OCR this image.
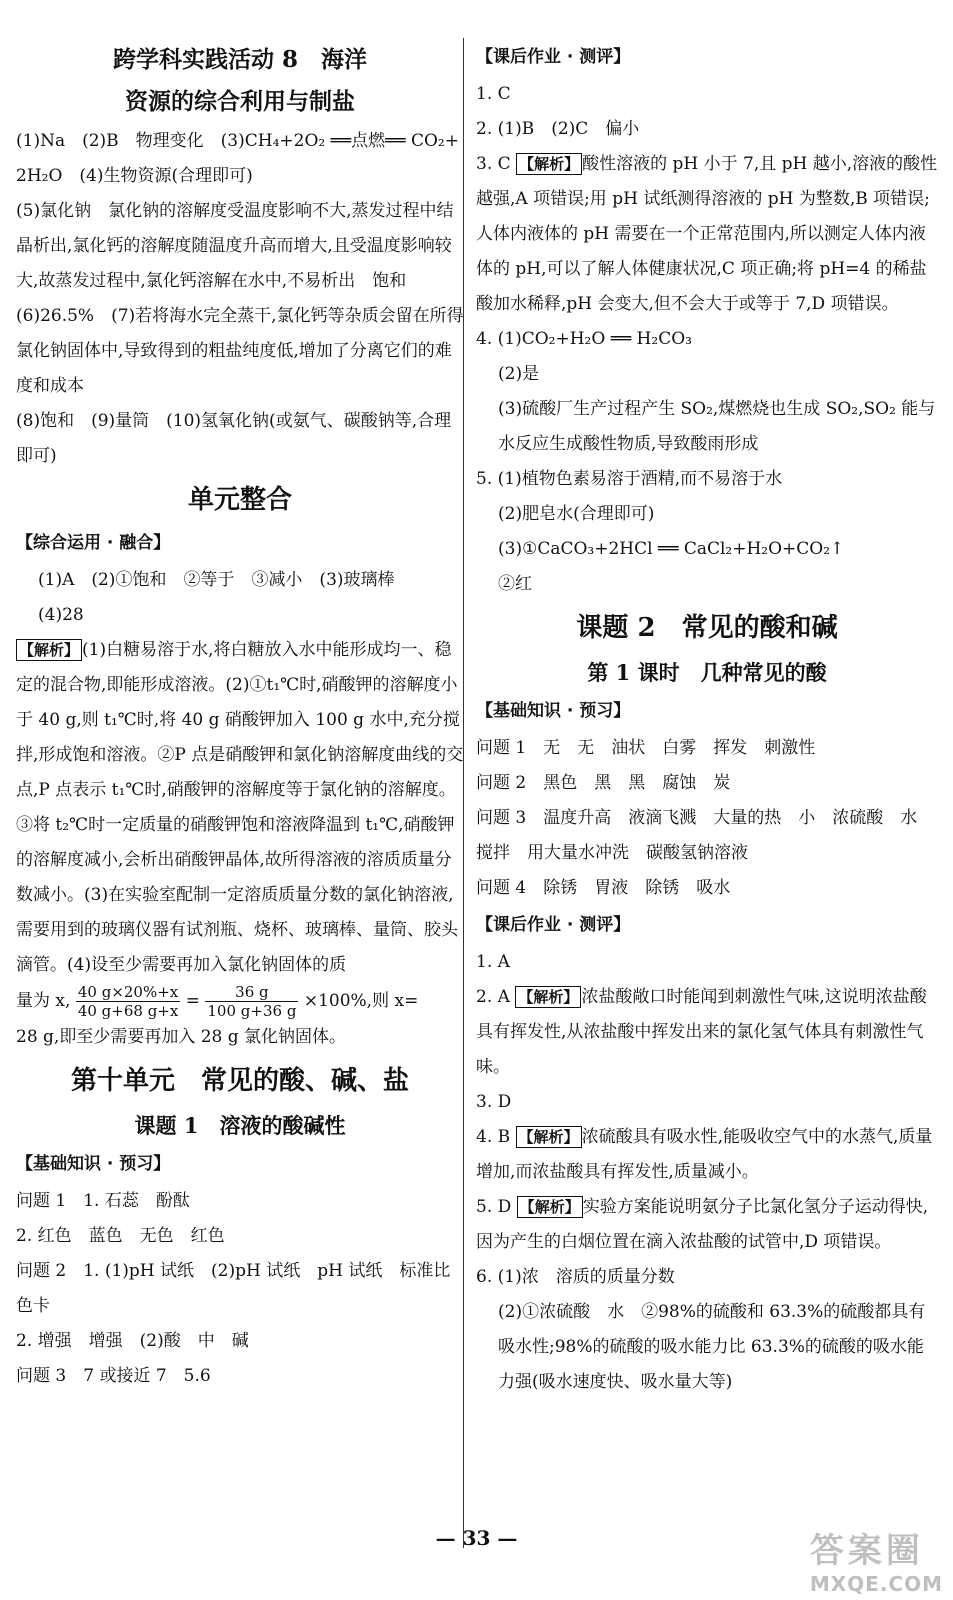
跨学科实践活动 8　海洋
资源的综合利用与制盐

(1)Na　(2)B　物理变化　(3)CH₄+2O₂ ══点燃══ CO₂+

2H₂O　(4)生物资源(合理即可)

(5)氯化钠　氯化钠的溶解度受温度影响不大,蒸发过程中结晶析出,氯化钙的溶解度随温度升高而增大,且受温度影响较大,故蒸发过程中,氯化钙溶解在水中,不易析出　饱和　(6)26.5%　(7)若将海水完全蒸干,氯化钙等杂质会留在所得氯化钠固体中,导致得到的粗盐纯度低,增加了分离它们的难度和成本

(8)饱和　(9)量筒　(10)氢氧化钠(或氨气、碳酸钠等,合理即可)

单元整合
【综合运用 · 融合】

(1)A　(2)①饱和　②等于　③减小　(3)玻璃棒

(4)28

【 解析 】 (1)白糖易溶于水,将白糖放入水中能形成均一、稳定的混合物,即能形成溶液。(2)①t₁℃时,硝酸钾的溶解度小于 40 g,则 t₁℃时,将 40 g 硝酸钾加入 100 g 水中,充分搅拌,形成饱和溶液。②P 点是硝酸钾和氯化钠溶解度曲线的交点,P 点表示 t₁℃时,硝酸钾的溶解度等于氯化钠的溶解度。③将 t₂℃时一定质量的硝酸钾饱和溶液降温到 t₁℃,硝酸钾的溶解度减小,会析出硝酸钾晶体,故所得溶液的溶质质量分数减小。(3)在实验室配制一定溶质质量分数的氯化钠溶液,需要用到的玻璃仪器有试剂瓶、烧杯、玻璃棒、量筒、胶头滴管。(4)设至少需要再加入氯化钠固体的质

量为 x, $\frac{40 g\times 20\%+x}{40 g+68 g+x} = \frac{36 g}{100 g+36 g} \times 100\%$,则 x=

28 g,即至少需要再加入 28 g 氯化钠固体。

第十单元　常见的酸、碱、盐
课题 1　溶液的酸碱性
【基础知识 · 预习】

问题 1　1. 石蕊　酚酞

2. 红色　蓝色　无色　红色

问题 2　1. (1)pH 试纸　(2)pH 试纸　pH 试纸　标准比色卡

2. 增强　增强　(2)酸　中　碱

问题 3　7 或接近 7　5.6

【课后作业 · 测评】

1. C

2. (1)B　(2)C　偏小

3. C 【 解析 】 酸性溶液的 pH 小于 7,且 pH 越小,溶液的酸性越强,A 项错误;用 pH 试纸测得溶液的 pH 为整数,B 项错误;人体内液体的 pH 需要在一个正常范围内,所以测定人体内液体的 pH,可以了解人体健康状况,C 项正确;将 pH=4 的稀盐酸加水稀释,pH 会变大,但不会大于或等于 7,D 项错误。

4. (1)CO₂+H₂O ══ H₂CO₃

(2)是

(3)硫酸厂生产过程产生 SO₂,煤燃烧也生成 SO₂,SO₂ 能与水反应生成酸性物质,导致酸雨形成

5. (1)植物色素易溶于酒精,而不易溶于水

(2)肥皂水(合理即可)

(3)①CaCO₃+2HCl ══ CaCl₂+H₂O+CO₂↑

②红

课题 2　常见的酸和碱
第 1 课时　几种常见的酸
【基础知识 · 预习】

问题 1　无　无　油状　白雾　挥发　刺激性

问题 2　黑色　黑　黑　腐蚀　炭

问题 3　温度升高　液滴飞溅　大量的热　小　浓硫酸　水　搅拌　用大量水冲洗　碳酸氢钠溶液

问题 4　除锈　胃液　除锈　吸水

【课后作业 · 测评】

1. A

2. A 【 解析 】 浓盐酸敞口时能闻到刺激性气味,这说明浓盐酸具有挥发性,从浓盐酸中挥发出来的氯化氢气体具有刺激性气味。

3. D

4. B 【 解析 】 浓硫酸具有吸水性,能吸收空气中的水蒸气,质量增加,而浓盐酸具有挥发性,质量减小。

5. D 【 解析 】 实验方案能说明氨分子比氯化氢分子运动得快,因为产生的白烟位置在滴入浓盐酸的试管中,D 项错误。

6. (1)浓　溶质的质量分数

(2)①浓硫酸　水　②98%的硫酸和 63.3%的硫酸都具有吸水性;98%的硫酸的吸水能力比 63.3%的硫酸的吸水能力强(吸水速度快、吸水量大等)

— 33 —	答案圈
MXQE.COM
